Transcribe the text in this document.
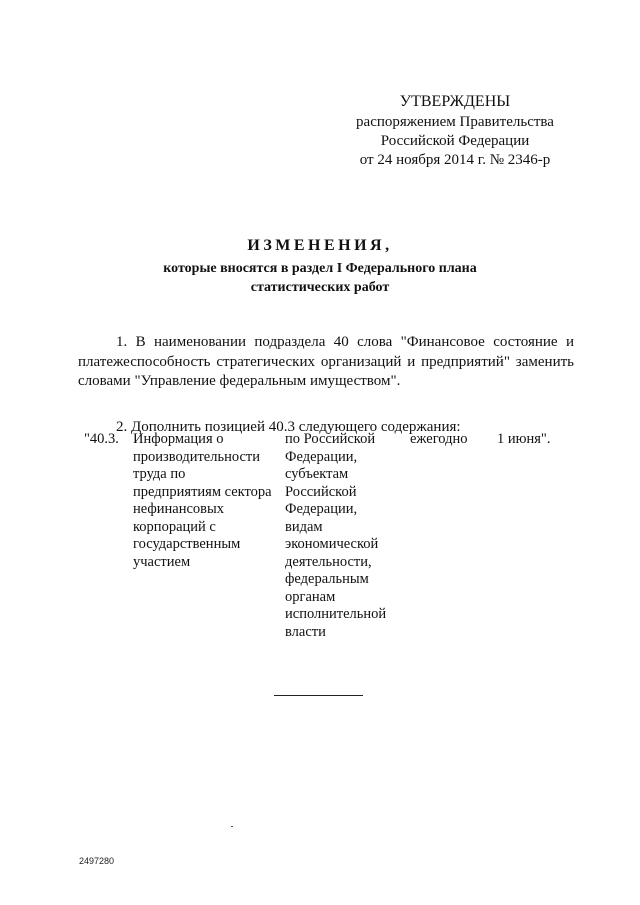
УТВЕРЖДЕНЫ
распоряжением Правительства
Российской Федерации
от 24 ноября 2014 г. № 2346-р
ИЗМЕНЕНИЯ,
которые вносятся в раздел I Федерального плана
статистических работ
1. В наименовании подраздела 40 слова "Финансовое состояние и
платежеспособность стратегических организаций и предприятий" заменить
словами "Управление федеральным имуществом".
2. Дополнить позицией 40.3 следующего содержания:
"40.3. Информация о
производительности
труда по
предприятиям сектора
нефинансовых
корпораций с
государственным
участием
по Российской
Федерации,
субъектам
Российской
Федерации,
видам
экономической
деятельности,
федеральным
органам
исполнительной
власти
ежегодно 1 июня".
2497280
